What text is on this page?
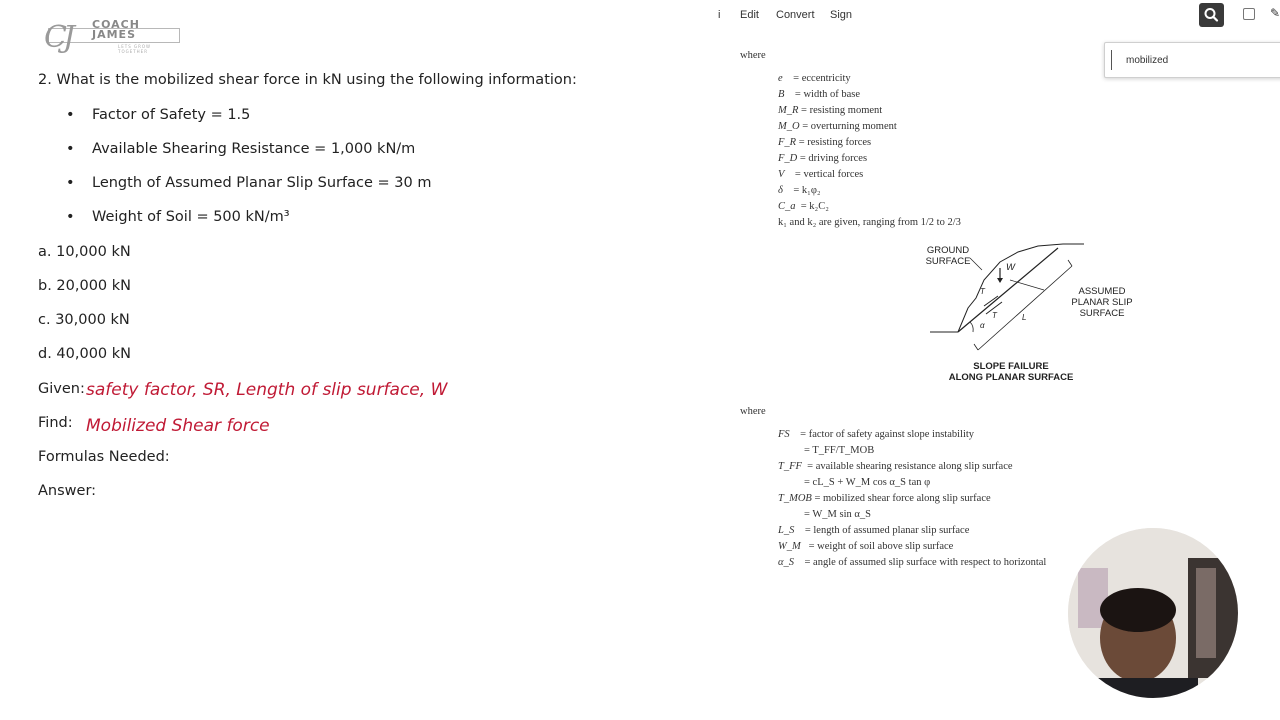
CJ COACH JAMES
LETS GROW TOGETHER
2. What is the mobilized shear force in kN using the following information:
• Factor of Safety = 1.5
• Available Shearing Resistance = 1,000 kN/m
• Length of Assumed Planar Slip Surface = 30 m
• Weight of Soil = 500 kN/m³
a. 10,000 kN
b. 20,000 kN
c. 30,000 kN
d. 40,000 kN
Given: safety factor, SR, Length of slip surface, W
Find: Mobilized Shear force
Formulas Needed:
Answer:
i Edit Convert Sign	✎
mobilized
where
e = eccentricity
B = width of base
M_R = resisting moment
M_O = overturning moment
F_R = resisting forces
F_D = driving forces
V = vertical forces
δ = k₁φ₂
C_a = k₂C₂
k₁ and k₂ are given, ranging from 1/2 to 2/3
GROUND
SURFACE
ASSUMED
PLANAR SLIP
SURFACE
SLOPE FAILURE
ALONG PLANAR SURFACE
W
T
T
α
L
where
FS = factor of safety against slope instability
= T_FF/T_MOB
T_FF = available shearing resistance along slip surface
= cL_S + W_M cos α_S tan φ
T_MOB = mobilized shear force along slip surface
= W_M sin α_S
L_S = length of assumed planar slip surface
W_M = weight of soil above slip surface
α_S = angle of assumed slip surface with respect to horizontal
